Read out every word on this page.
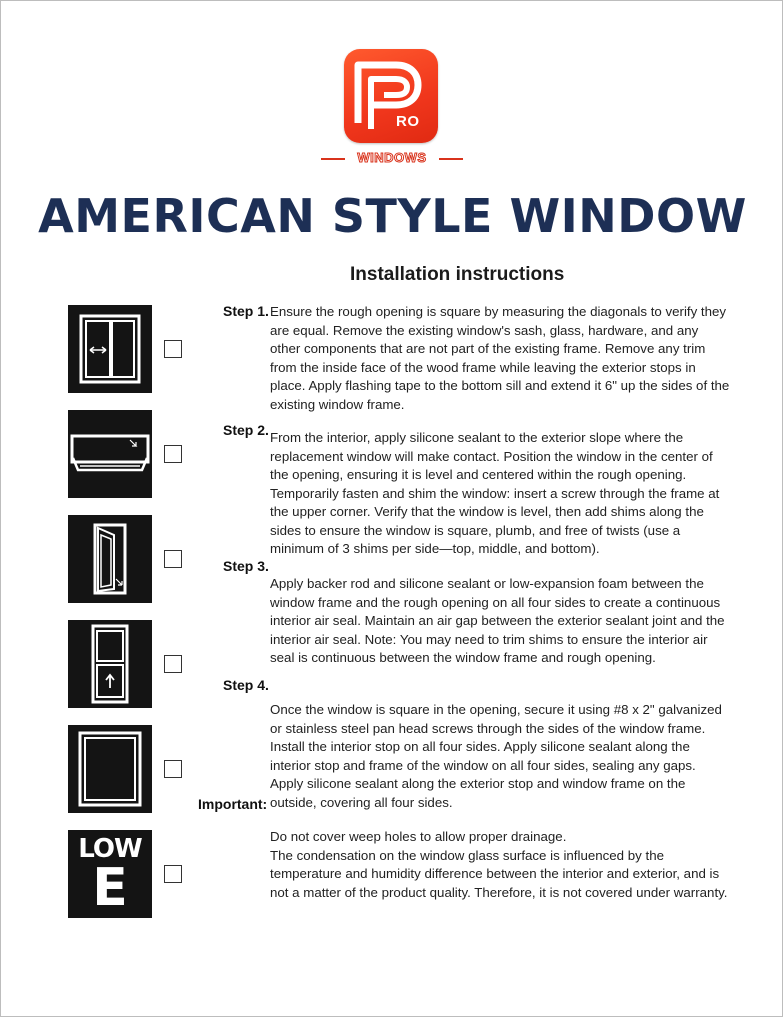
RO
WINDOWS
AMERICAN STYLE WINDOW
Installation instructions
LOW
E
Step 1. Ensure the rough opening is square by measuring the diagonals to verify they are equal. Remove the existing window's sash, glass, hardware, and any other components that are not part of the existing frame. Remove any trim from the inside face of the wood frame while leaving the exterior stops in place. Apply flashing tape to the bottom sill and extend it 6" up the sides of the existing window frame.
Step 2. From the interior, apply silicone sealant to the exterior slope where the replacement window will make contact. Position the window in the center of the opening, ensuring it is level and centered within the rough opening. Temporarily fasten and shim the window: insert a screw through the frame at the upper corner. Verify that the window is level, then add shims along the sides to ensure the window is square, plumb, and free of twists (use a minimum of 3 shims per side—top, middle, and bottom).
Step 3.
Apply backer rod and silicone sealant or low-expansion foam between the window frame and the rough opening on all four sides to create a continuous interior air seal. Maintain an air gap between the exterior sealant joint and the interior air seal. Note: You may need to trim shims to ensure the interior air seal is continuous between the window frame and rough opening.
Step 4.
Once the window is square in the opening, secure it using #8 x 2" galvanized or stainless steel pan head screws through the sides of the window frame. Install the interior stop on all four sides. Apply silicone sealant along the interior stop and frame of the window on all four sides, sealing any gaps. Apply silicone sealant along the exterior stop and window frame on the outside, covering all four sides.
Important:
Do not cover weep holes to allow proper drainage.
The condensation on the window glass surface is influenced by the temperature and humidity difference between the interior and exterior, and is not a matter of the product quality. Therefore, it is not covered under warranty.
